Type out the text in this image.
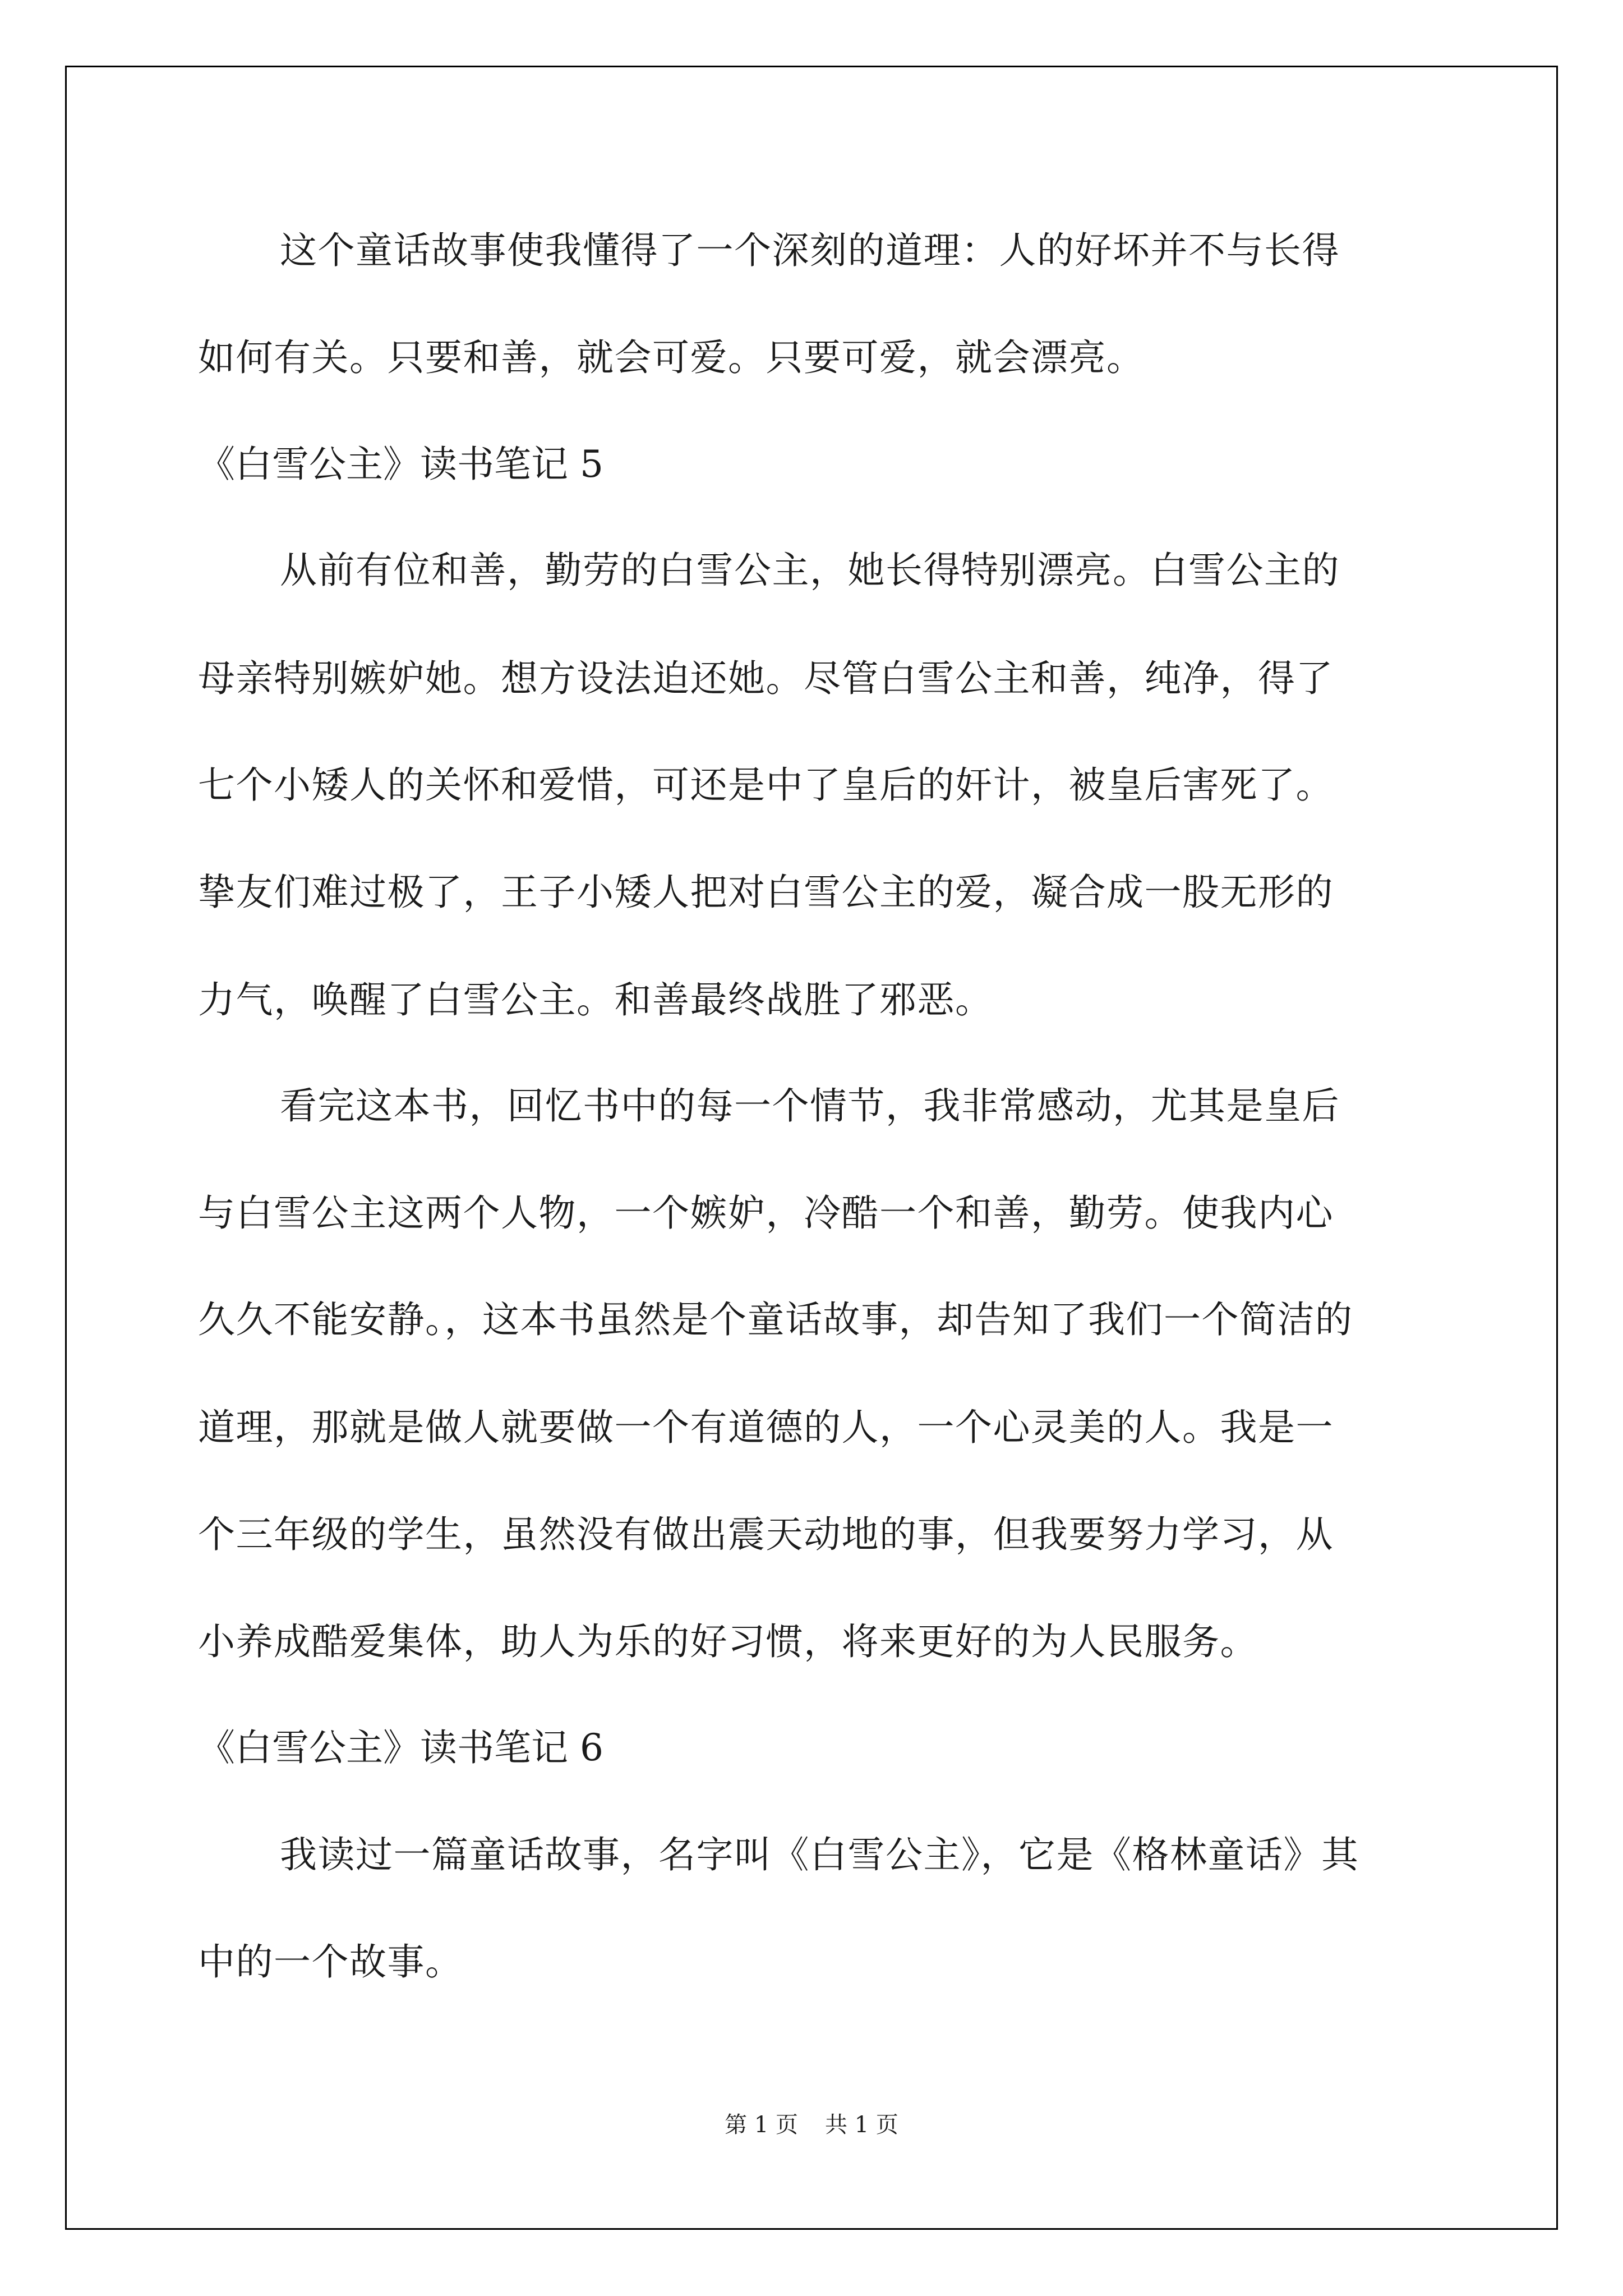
这个童话故事使我懂得了一个深刻的道理：人的好坏并不与长得
如何有关。只要和善，就会可爱。只要可爱，就会漂亮。
《白雪公主》读书笔记 5
从前有位和善，勤劳的白雪公主，她长得特别漂亮。白雪公主的
母亲特别嫉妒她。想方设法迫还她。尽管白雪公主和善，纯净，得了
七个小矮人的关怀和爱惜，可还是中了皇后的奸计，被皇后害死了。
挚友们难过极了，王子小矮人把对白雪公主的爱，凝合成一股无形的
力气，唤醒了白雪公主。和善最终战胜了邪恶。
看完这本书，回忆书中的每一个情节，我非常感动，尤其是皇后
与白雪公主这两个人物，一个嫉妒，冷酷一个和善，勤劳。使我内心
久久不能安静。，这本书虽然是个童话故事，却告知了我们一个简洁的
道理，那就是做人就要做一个有道德的人，一个心灵美的人。我是一
个三年级的学生，虽然没有做出震天动地的事，但我要努力学习，从
小养成酷爱集体，助人为乐的好习惯，将来更好的为人民服务。
《白雪公主》读书笔记 6
我读过一篇童话故事，名字叫《白雪公主》，它是《格林童话》其
中的一个故事。
第 1 页 共 1 页
